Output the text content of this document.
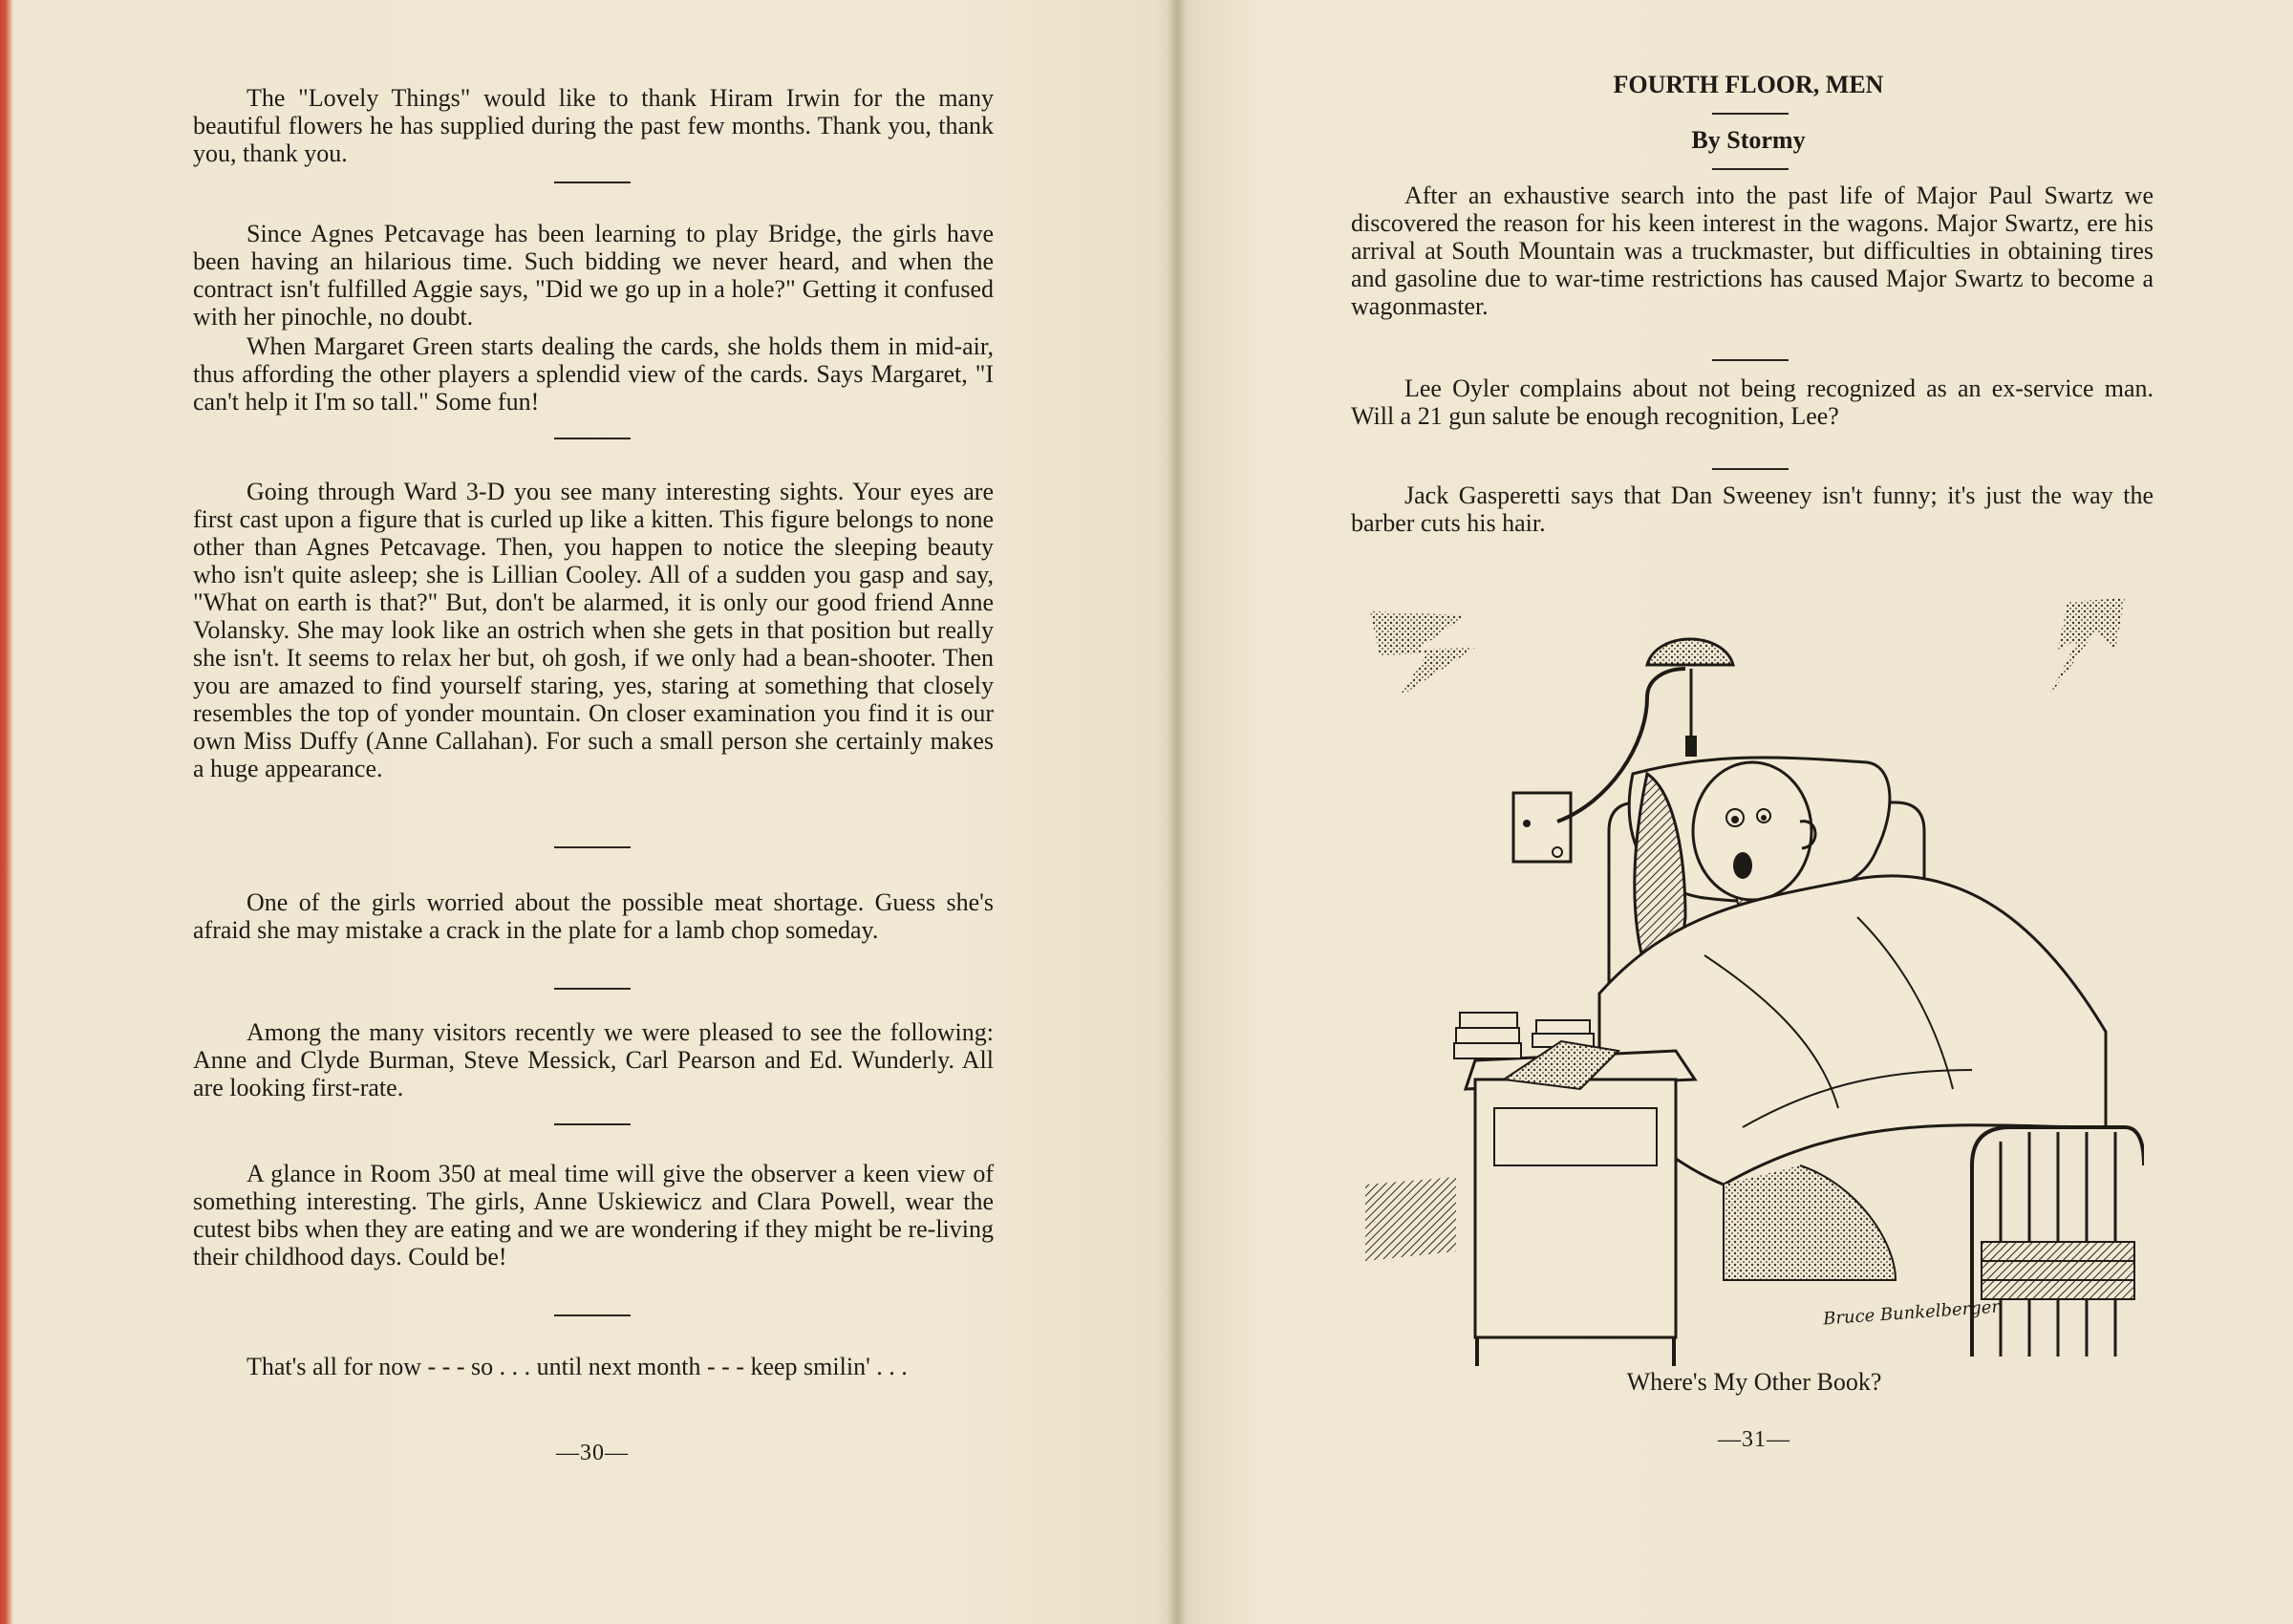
The "Lovely Things" would like to thank Hiram Irwin for the many beautiful flowers he has supplied during the past few months. Thank you, thank you, thank you.

Since Agnes Petcavage has been learning to play Bridge, the girls have been having an hilarious time. Such bidding we never heard, and when the contract isn't fulfilled Aggie says, "Did we go up in a hole?" Getting it confused with her pinochle, no doubt.

When Margaret Green starts dealing the cards, she holds them in mid-air, thus affording the other players a splendid view of the cards. Says Margaret, "I can't help it I'm so tall." Some fun!

Going through Ward 3-D you see many interesting sights. Your eyes are first cast upon a figure that is curled up like a kitten. This figure belongs to none other than Agnes Petcavage. Then, you happen to notice the sleeping beauty who isn't quite asleep; she is Lillian Cooley. All of a sudden you gasp and say, "What on earth is that?" But, don't be alarmed, it is only our good friend Anne Volansky. She may look like an ostrich when she gets in that position but really she isn't. It seems to relax her but, oh gosh, if we only had a bean-shooter. Then you are amazed to find yourself staring, yes, staring at something that closely resembles the top of yonder mountain. On closer examination you find it is our own Miss Duffy (Anne Callahan). For such a small person she certainly makes a huge appearance.

One of the girls worried about the possible meat shortage. Guess she's afraid she may mistake a crack in the plate for a lamb chop someday.

Among the many visitors recently we were pleased to see the following: Anne and Clyde Burman, Steve Messick, Carl Pearson and Ed. Wunderly. All are looking first-rate.

A glance in Room 350 at meal time will give the observer a keen view of something interesting. The girls, Anne Uskiewicz and Clara Powell, wear the cutest bibs when they are eating and we are wondering if they might be re-living their childhood days. Could be!

That's all for now - - - so . . . until next month - - - keep smilin' . . .

—30—
FOURTH FLOOR, MEN
By Stormy

After an exhaustive search into the past life of Major Paul Swartz we discovered the reason for his keen interest in the wagons. Major Swartz, ere his arrival at South Mountain was a truckmaster, but difficulties in obtaining tires and gasoline due to war-time restrictions has caused Major Swartz to become a wagonmaster.

Lee Oyler complains about not being recognized as an ex-service man. Will a 21 gun salute be enough recognition, Lee?

Jack Gasperetti says that Dan Sweeney isn't funny; it's just the way the barber cuts his hair.

Bruce Bunkelberger
Where's My Other Book?
—31—
